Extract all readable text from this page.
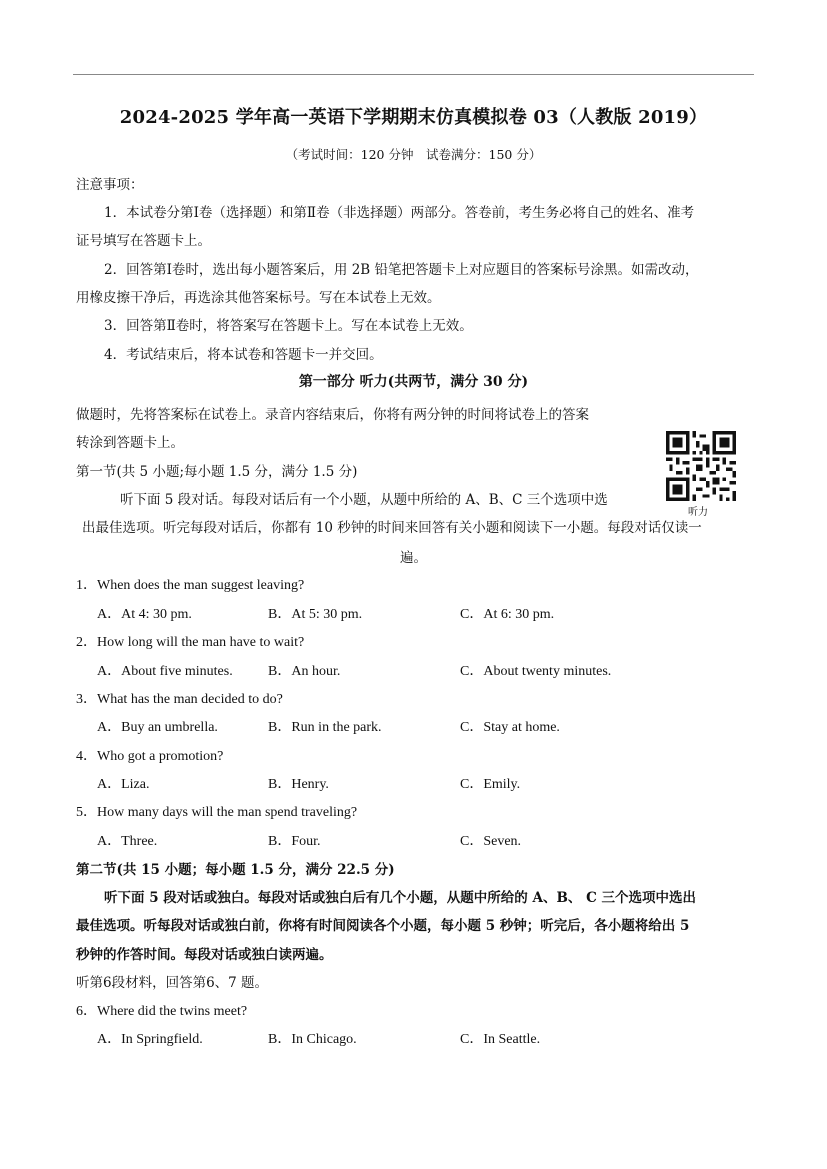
2024-2025 学年高一英语下学期期末仿真模拟卷 03（人教版 2019）
（考试时间：120 分钟　试卷满分：150 分）
注意事项：
1．本试卷分第Ⅰ卷（选择题）和第Ⅱ卷（非选择题）两部分。答卷前，考生务必将自己的姓名、准考
证号填写在答题卡上。
2．回答第Ⅰ卷时，选出每小题答案后，用 2B 铅笔把答题卡上对应题目的答案标号涂黑。如需改动，
用橡皮擦干净后，再选涂其他答案标号。写在本试卷上无效。
3．回答第Ⅱ卷时，将答案写在答题卡上。写在本试卷上无效。
4．考试结束后，将本试卷和答题卡一并交回。
第一部分 听力(共两节，满分 30 分)
做题时，先将答案标在试卷上。录音内容结束后，你将有两分钟的时间将试卷上的答案
转涂到答题卡上。
听力
第一节(共 5 小题;每小题 1.5 分，满分 1.5 分)
听下面 5 段对话。每段对话后有一个小题，从题中所给的 A、B、C 三个选项中选
出最佳选项。听完每段对话后，你都有 10 秒钟的时间来回答有关小题和阅读下一小题。每段对话仅读一
遍。
1．When does the man suggest leaving?
A．At 4: 30 pm.	B．At 5: 30 pm.	C．At 6: 30 pm.
2．How long will the man have to wait?
A．About five minutes.	B．An hour.	C．About twenty minutes.
3．What has the man decided to do?
A．Buy an umbrella.	B．Run in the park.	C．Stay at home.
4．Who got a promotion?
A．Liza.	B．Henry.	C．Emily.
5．How many days will the man spend traveling?
A．Three.	B．Four.	C．Seven.
第二节(共 15 小题；每小题 1.5 分，满分 22.5 分)
听下面 5 段对话或独白。每段对话或独白后有几个小题，从题中所给的 A、B、 C 三个选项中选出
最佳选项。听每段对话或独白前，你将有时间阅读各个小题，每小题 5 秒钟；听完后，各小题将给出 5
秒钟的作答时间。每段对话或独白读两遍。
听第6段材料，回答第6、7 题。
6．Where did the twins meet?
A．In Springfield.	B．In Chicago.	C．In Seattle.
